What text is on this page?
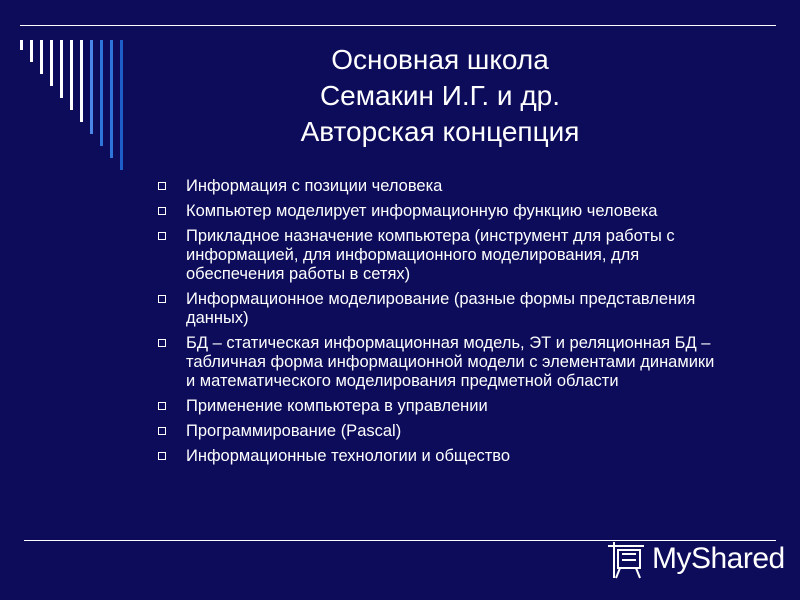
Основная школа
Семакин И.Г. и др.
Авторская концепция
Информация с позиции человека
Компьютер моделирует информационную функцию человека
Прикладное назначение компьютера (инструмент для работы с информацией, для информационного моделирования, для обеспечения работы в сетях)
Информационное моделирование (разные формы представления данных)
БД – статическая информационная модель, ЭТ и реляционная БД – табличная форма информационной модели с элементами динамики и математического моделирования предметной области
Применение компьютера в управлении
Программирование (Pascal)
Информационные технологии и общество
MyShared
